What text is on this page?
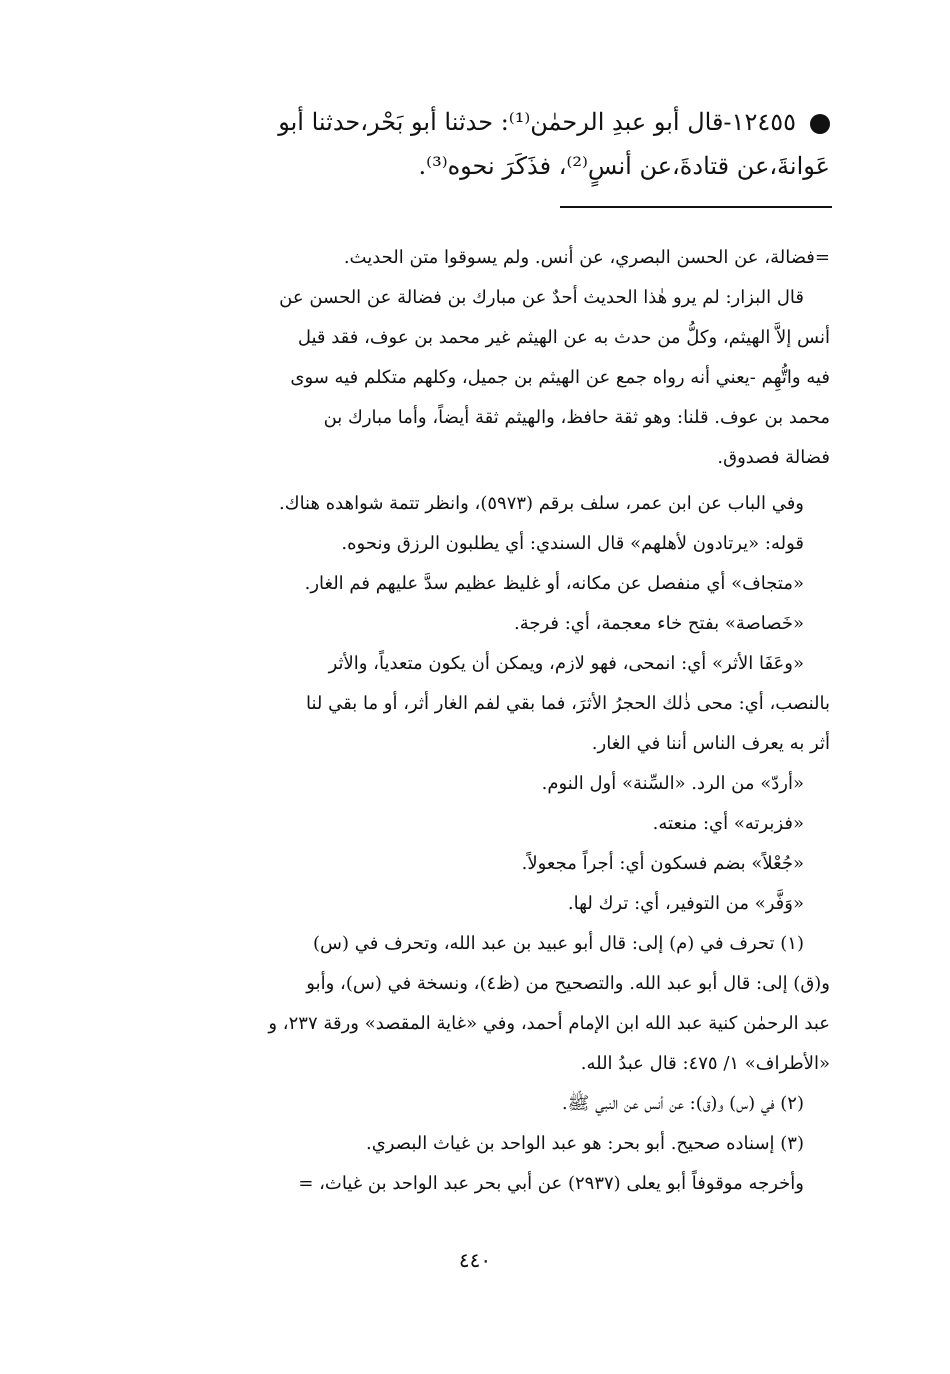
١٢٤٥٥-قال أبو عبدِ الرحمٰن⁽¹⁾: حدثنا أبو بَحْر،حدثنا أبو

عَوانةَ،عن قتادةَ،عن أنسٍ⁽²⁾، فذَكَرَ نحوه⁽³⁾.

=فضالة، عن الحسن البصري، عن أنس. ولم يسوقوا متن الحديث.

قال البزار: لم يرو هٰذا الحديث أحدٌ عن مبارك بن فضالة عن الحسن عن

أنس إلاَّ الهيثم، وكلُّ من حدث به عن الهيثم غير محمد بن عوف، فقد قيل

فيه واتُّهِم -يعني أنه رواه جمع عن الهيثم بن جميل، وكلهم متكلم فيه سوى

محمد بن عوف. قلنا: وهو ثقة حافظ، والهيثم ثقة أيضاً، وأما مبارك بن

فضالة فصدوق.

وفي الباب عن ابن عمر، سلف برقم (٥٩٧٣)، وانظر تتمة شواهده هناك.

قوله: «يرتادون لأهلهم» قال السندي: أي يطلبون الرزق ونحوه.

«متجاف» أي منفصل عن مكانه، أو غليظ عظيم سدَّ عليهم فم الغار.

«خَصاصة» بفتح خاء معجمة، أي: فرجة.

«وعَفَا الأثر» أي: انمحى، فهو لازم، ويمكن أن يكون متعدياً، والأثر

بالنصب، أي: محى ذٰلك الحجرُ الأثرَ، فما بقي لفم الغار أثر، أو ما بقي لنا

أثر به يعرف الناس أننا في الغار.

«أردّ» من الرد. «السِّنة» أول النوم.

«فزبرته» أي: منعته.

«جُعْلاً» بضم فسكون أي: أجراً مجعولاً.

«وَفَّر» من التوفير، أي: ترك لها.

(١) تحرف في (م) إلى: قال أبو عبيد بن عبد الله، وتحرف في (س)

و(ق) إلى: قال أبو عبد الله. والتصحيح من (ظ٤)، ونسخة في (س)، وأبو

عبد الرحمٰن كنية عبد الله ابن الإمام أحمد، وفي «غاية المقصد» ورقة ٢٣٧، و

«الأطراف» ١/ ٤٧٥: قال عبدُ الله.

(٢) في (س) و(ق): عن أنس عن النبي ﷺ.

(٣) إسناده صحيح. أبو بحر: هو عبد الواحد بن غياث البصري.

وأخرجه موقوفاً أبو يعلى (٢٩٣٧) عن أبي بحر عبد الواحد بن غياث، =

٤٤٠
